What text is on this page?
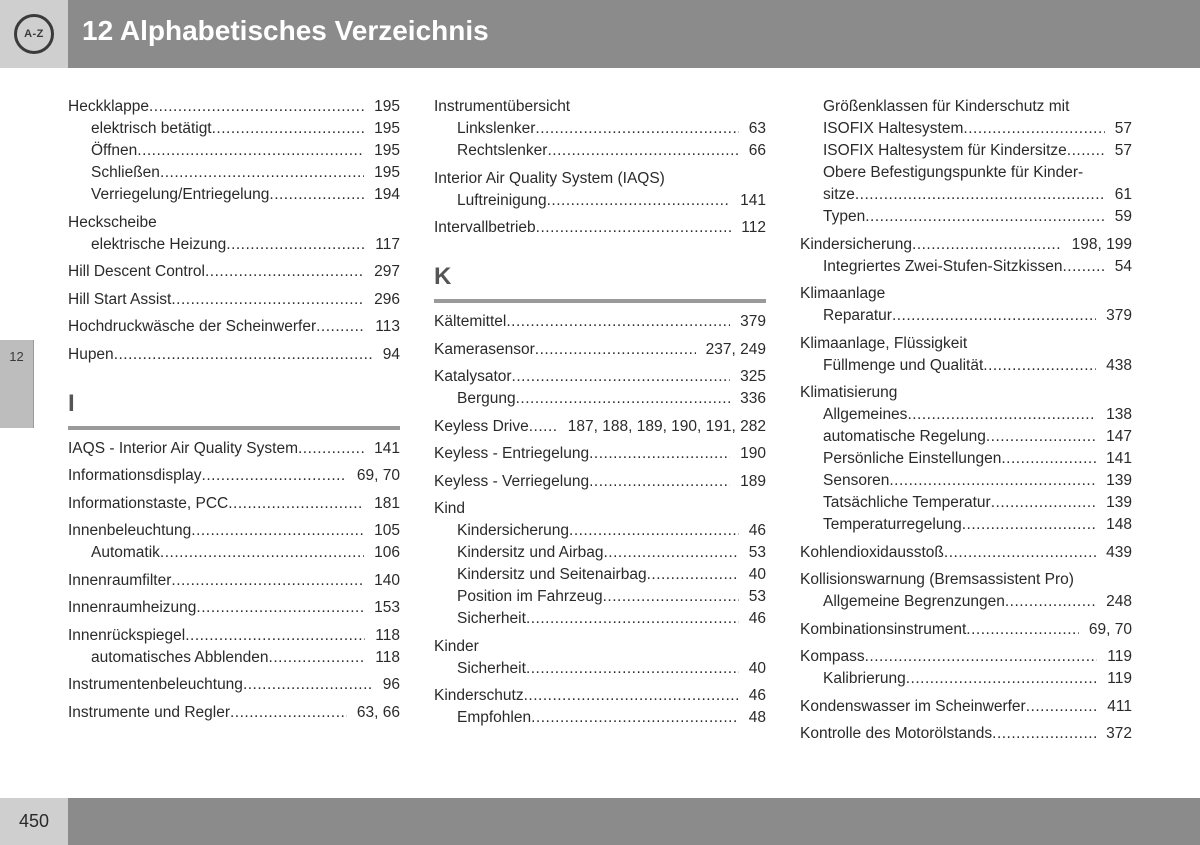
A-Z	12 Alphabetisches Verzeichnis
12
Heckklappe .....	195
elektrisch betätigt .....	195
Öffnen .....	195
Schließen .....	195
Verriegelung/Entriegelung .....	194
Heckscheibe
elektrische Heizung .....	117
Hill Descent Control .....	297
Hill Start Assist .....	296
Hochdruckwäsche der Scheinwerfer .....	113
Hupen .....	94
I
IAQS - Interior Air Quality System .....	141
Informationsdisplay .....	69, 70
Informationstaste, PCC .....	181
Innenbeleuchtung .....	105
Automatik .....	106
Innenraumfilter .....	140
Innenraumheizung .....	153
Innenrückspiegel .....	118
automatisches Abblenden .....	118
Instrumentenbeleuchtung .....	96
Instrumente und Regler .....	63, 66
Instrumentübersicht
Linkslenker .....	63
Rechtslenker .....	66
Interior Air Quality System (IAQS)
Luftreinigung .....	141
Intervallbetrieb .....	112
K
Kältemittel .....	379
Kamerasensor .....	237, 249
Katalysator .....	325
Bergung .....	336
Keyless Drive .....	187, 188, 189, 190, 191, 282
Keyless - Entriegelung .....	190
Keyless - Verriegelung .....	189
Kind
Kindersicherung .....	46
Kindersitz und Airbag .....	53
Kindersitz und Seitenairbag .....	40
Position im Fahrzeug .....	53
Sicherheit .....	46
Kinder
Sicherheit .....	40
Kinderschutz .....	46
Empfohlen .....	48
Größenklassen für Kinderschutz mit
ISOFIX Haltesystem .....	57
ISOFIX Haltesystem für Kindersitze .....	57
Obere Befestigungspunkte für Kinder-
sitze .....	61
Typen .....	59
Kindersicherung .....	198, 199
Integriertes Zwei-Stufen-Sitzkissen .....	54
Klimaanlage
Reparatur .....	379
Klimaanlage, Flüssigkeit
Füllmenge und Qualität .....	438
Klimatisierung
Allgemeines .....	138
automatische Regelung .....	147
Persönliche Einstellungen .....	141
Sensoren .....	139
Tatsächliche Temperatur .....	139
Temperaturregelung .....	148
Kohlendioxidausstoß .....	439
Kollisionswarnung (Bremsassistent Pro)
Allgemeine Begrenzungen .....	248
Kombinationsinstrument .....	69, 70
Kompass .....	119
Kalibrierung .....	119
Kondenswasser im Scheinwerfer .....	411
Kontrolle des Motorölstands .....	372
450
